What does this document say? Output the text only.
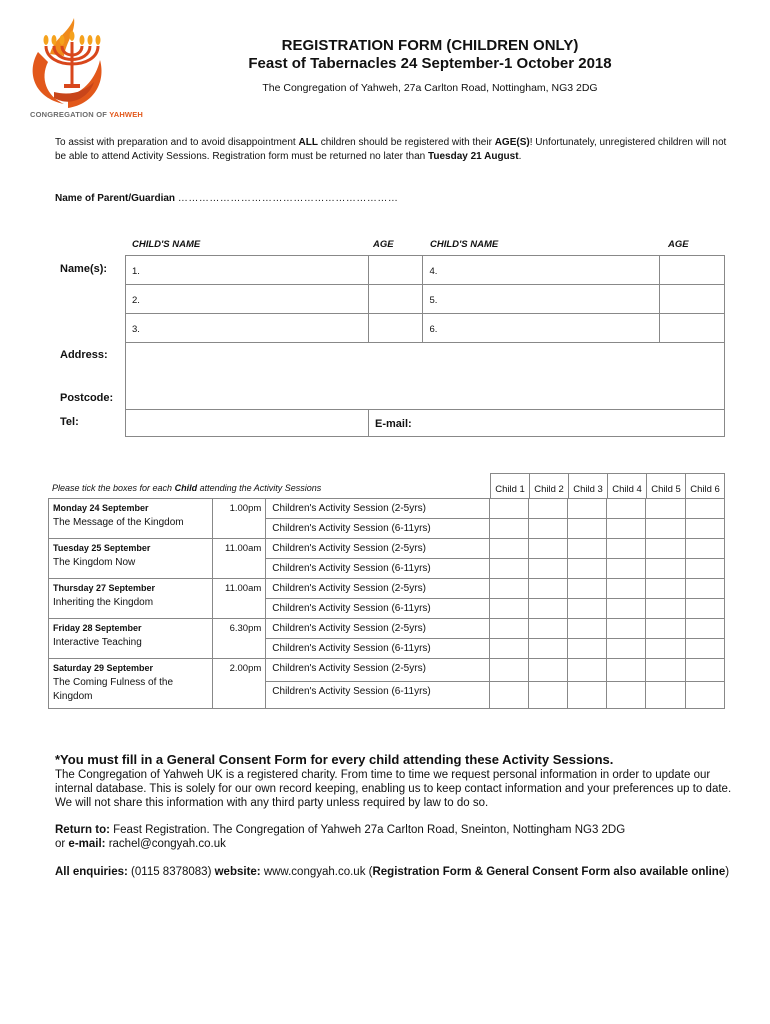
CONGREGATION OF YAHWEH
REGISTRATION FORM (CHILDREN ONLY)
Feast of Tabernacles 24 September-1 October 2018
The Congregation of Yahweh, 27a Carlton Road, Nottingham, NG3 2DG
To assist with preparation and to avoid disappointment ALL children should be registered with their AGE(S)! Unfortunately, unregistered children will not be able to attend Activity Sessions. Registration form must be returned no later than Tuesday 21 August.
Name of Parent/Guardian ………………………………………………………
CHILD'S NAME	AGE	CHILD'S NAME	AGE
Name(s):	1.		4.	
2.		5.	
3.		6.	
Address:
Postcode:
Tel:
		E-mail:
Please tick the boxes for each Child attending the Activity Sessions	Child 1	Child 2	Child 3	Child 4	Child 5	Child 6
Monday 24 September
The Message of the Kingdom	1.00pm	Children's Activity Session (2-5yrs)						
		Children's Activity Session (6-11yrs)						

Tuesday 25 September
The Kingdom Now	11.00am	Children's Activity Session (2-5yrs)						
		Children's Activity Session (6-11yrs)						

Thursday 27 September
Inheriting the Kingdom	11.00am	Children's Activity Session (2-5yrs)						
		Children's Activity Session (6-11yrs)						

Friday 28 September
Interactive Teaching	6.30pm	Children's Activity Session (2-5yrs)						
		Children's Activity Session (6-11yrs)						

Saturday 29 September
The Coming Fulness of the Kingdom	2.00pm	Children's Activity Session (2-5yrs)						
		Children's Activity Session (6-11yrs)						
*You must fill in a General Consent Form for every child attending these Activity Sessions.
The Congregation of Yahweh UK is a registered charity. From time to time we request personal information in order to update our internal database. This is solely for our own record keeping, enabling us to keep contact information and your preferences up to date. We will not share this information with any third party unless required by law to do so.
Return to: Feast Registration. The Congregation of Yahweh 27a Carlton Road, Sneinton, Nottingham NG3 2DG
or e-mail: rachel@congyah.co.uk
All enquiries: (0115 8378083) website: www.congyah.co.uk (Registration Form & General Consent Form also available online)
